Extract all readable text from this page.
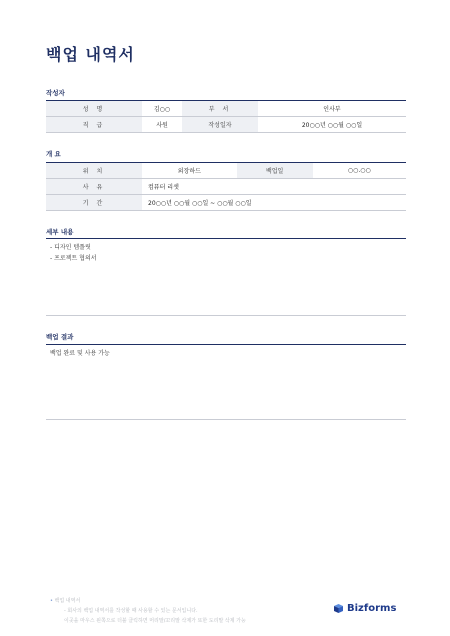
백업 내역서
작성자
성 명	김○○	부 서	인사부
직 급	사원	작성일자	20○○년 ○○월 ○○일
개 요
위 치	외장하드	백업일	○○.○○
사 유	컴퓨터 리셋		
기 간	20○○년 ○○월 ○○일 ~ ○○월 ○○일		
세부 내용
- 디자인 템플릿
- 프로젝트 협의서
백업 결과
백업 완료 및 사용 가능
• 백업 내역서
- 회사의 백업 내역서를 작성할 때 사용할 수 있는 문서입니다.
이곳을 마우스 왼쪽으로 더블 클릭하면 머리말/꼬리말 삭제가 또한 도리말 삭제 가능
Bizforms
